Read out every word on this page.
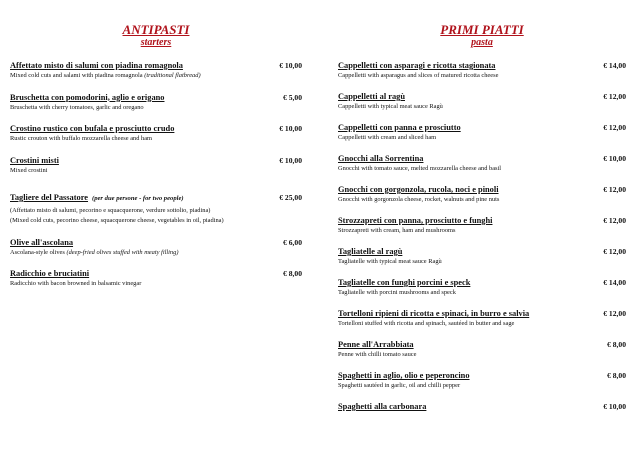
ANTIPASTI
starters
Affettato misto di salumi con piadina romagnola	€ 10,00
Mixed cold cuts and salami with piadina romagnola (traditional flatbread)
Bruschetta con pomodorini, aglio e origano	€ 5,00
Bruschetta with cherry tomatoes, garlic and oregano
Crostino rustico con bufala e prosciutto crudo	€ 10,00
Rustic crouton with buffalo mozzarella cheese and ham
Crostini misti	€ 10,00
Mixed crostini
Tagliere del Passatore (per due persone - for two people)	€ 25,00
(Affettato misto di salumi, pecorino e squacquerone, verdure sottolio, piadina)
(Mixed cold cuts, pecorino cheese, squacquerone cheese, vegetables in oil, piadina)
Olive all'ascolana	€ 6,00
Ascolana-style olives (deep-fried olives stuffed with meaty filling)
Radicchio e bruciatini	€ 8,00
Radicchio with bacon browned in balsamic vinegar
PRIMI PIATTI
pasta
Cappelletti con asparagi e ricotta stagionata	€ 14,00
Cappelletti with asparagus and slices of matured ricotta cheese
Cappelletti al ragù	€ 12,00
Cappelletti with typical meat sauce Ragù
Cappelletti con panna e prosciutto	€ 12,00
Cappelletti with cream and sliced ham
Gnocchi alla Sorrentina	€ 10,00
Gnocchi with tomato sauce, melted mozzarella cheese and basil
Gnocchi con gorgonzola, rucola, noci e pinoli	€ 12,00
Gnocchi with gorgonzola cheese, rocket, walnuts and pine nuts
Strozzapreti con panna, prosciutto e funghi	€ 12,00
Strozzapreti with cream, ham and mushrooms
Tagliatelle al ragù	€ 12,00
Tagliatelle with typical meat sauce Ragù
Tagliatelle con funghi porcini e speck	€ 14,00
Tagliatelle with porcini mushrooms and speck
Tortelloni ripieni di ricotta e spinaci, in burro e salvia	€ 12,00
Tortelloni stuffed with ricotta and spinach, sautéed in butter and sage
Penne all'Arrabbiata	€ 8,00
Penne with chilli tomato sauce
Spaghetti in aglio, olio e peperoncino	€ 8,00
Spaghetti sautéed in garlic, oil and chilli pepper
Spaghetti alla carbonara	€ 10,00
